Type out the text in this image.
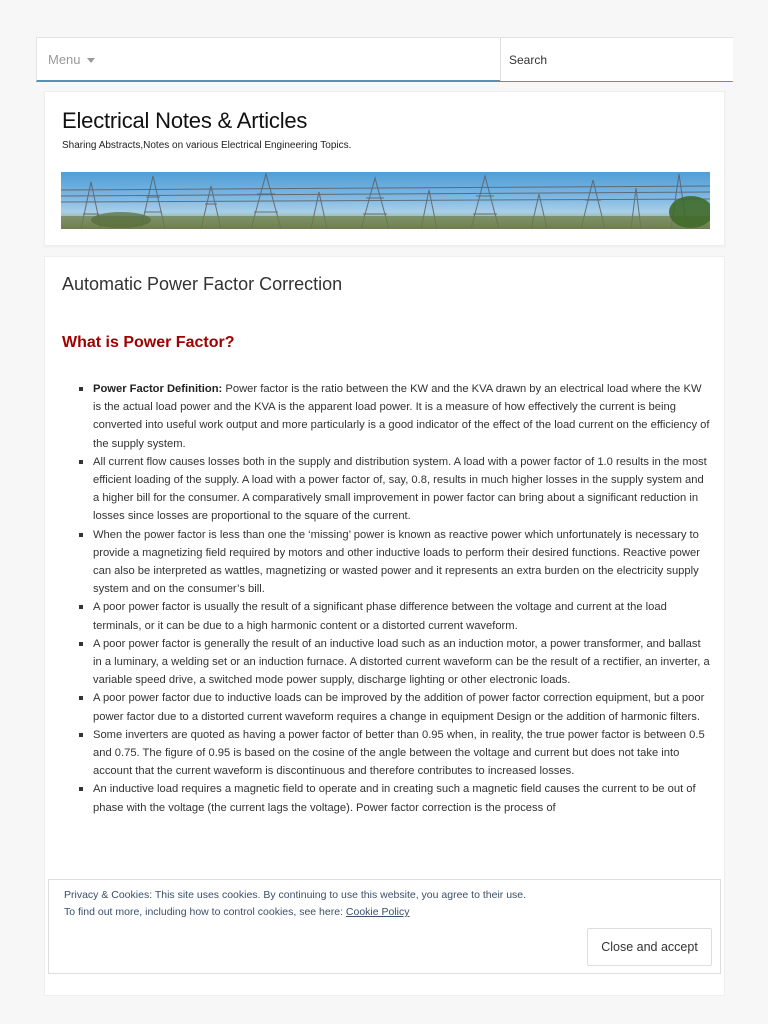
Menu
Search
Electrical Notes & Articles
Sharing Abstracts,Notes on various Electrical Engineering Topics.
Automatic Power Factor Correction
What is Power Factor?
Power Factor Definition: Power factor is the ratio between the KW and the KVA drawn by an electrical load where the KW is the actual load power and the KVA is the apparent load power. It is a measure of how effectively the current is being converted into useful work output and more particularly is a good indicator of the effect of the load current on the efficiency of the supply system.
All current flow causes losses both in the supply and distribution system. A load with a power factor of 1.0 results in the most efficient loading of the supply. A load with a power factor of, say, 0.8, results in much higher losses in the supply system and a higher bill for the consumer. A comparatively small improvement in power factor can bring about a significant reduction in losses since losses are proportional to the square of the current.
When the power factor is less than one the ‘missing’ power is known as reactive power which unfortunately is necessary to provide a magnetizing field required by motors and other inductive loads to perform their desired functions. Reactive power can also be interpreted as wattles, magnetizing or wasted power and it represents an extra burden on the electricity supply system and on the consumer’s bill.
A poor power factor is usually the result of a significant phase difference between the voltage and current at the load terminals, or it can be due to a high harmonic content or a distorted current waveform.
A poor power factor is generally the result of an inductive load such as an induction motor, a power transformer, and ballast in a luminary, a welding set or an induction furnace. A distorted current waveform can be the result of a rectifier, an inverter, a variable speed drive, a switched mode power supply, discharge lighting or other electronic loads.
A poor power factor due to inductive loads can be improved by the addition of power factor correction equipment, but a poor power factor due to a distorted current waveform requires a change in equipment Design or the addition of harmonic filters.
Some inverters are quoted as having a power factor of better than 0.95 when, in reality, the true power factor is between 0.5 and 0.75. The figure of 0.95 is based on the cosine of the angle between the voltage and current but does not take into account that the current waveform is discontinuous and therefore contributes to increased losses.
An inductive load requires a magnetic field to operate and in creating such a magnetic field causes the current to be out of phase with the voltage (the current lags the voltage). Power factor correction is the process of
Privacy & Cookies: This site uses cookies. By continuing to use this website, you agree to their use.
To find out more, including how to control cookies, see here: Cookie Policy
Close and accept
